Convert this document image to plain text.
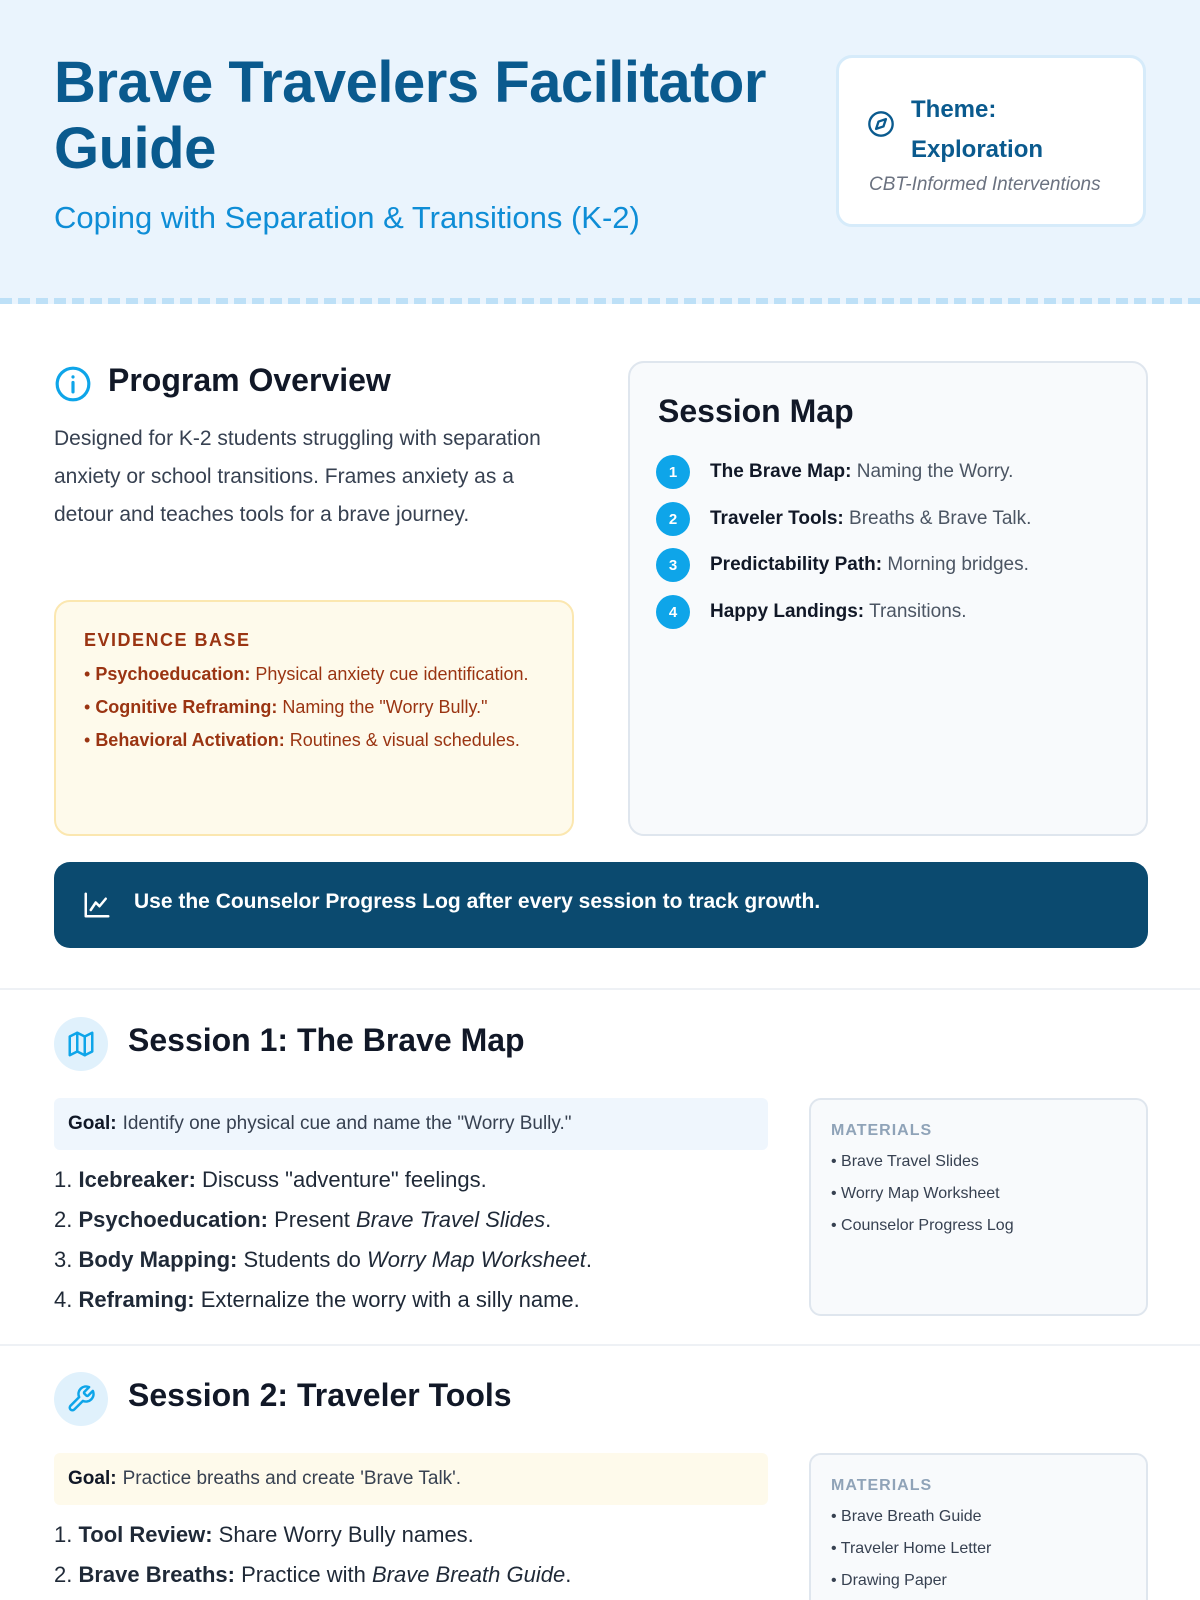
Brave Travelers Facilitator Guide
Coping with Separation & Transitions (K-2)
Theme: Exploration
CBT-Informed Interventions
Program Overview
Designed for K-2 students struggling with separation anxiety or school transitions. Frames anxiety as a detour and teaches tools for a brave journey.
EVIDENCE BASE
• Psychoeducation: Physical anxiety cue identification.
• Cognitive Reframing: Naming the "Worry Bully."
• Behavioral Activation: Routines & visual schedules.
Session Map
1	The Brave Map: Naming the Worry.
2	Traveler Tools: Breaths & Brave Talk.
3	Predictability Path: Morning bridges.
4	Happy Landings: Transitions.
Use the Counselor Progress Log after every session to track growth.
Session 1: The Brave Map
Goal: Identify one physical cue and name the "Worry Bully."
1. Icebreaker: Discuss "adventure" feelings.
2. Psychoeducation: Present Brave Travel Slides.
3. Body Mapping: Students do Worry Map Worksheet.
4. Reframing: Externalize the worry with a silly name.
MATERIALS
• Brave Travel Slides
• Worry Map Worksheet
• Counselor Progress Log
Session 2: Traveler Tools
Goal: Practice breaths and create 'Brave Talk'.
1. Tool Review: Share Worry Bully names.
2. Brave Breaths: Practice with Brave Breath Guide.
MATERIALS
• Brave Breath Guide
• Traveler Home Letter
• Drawing Paper
